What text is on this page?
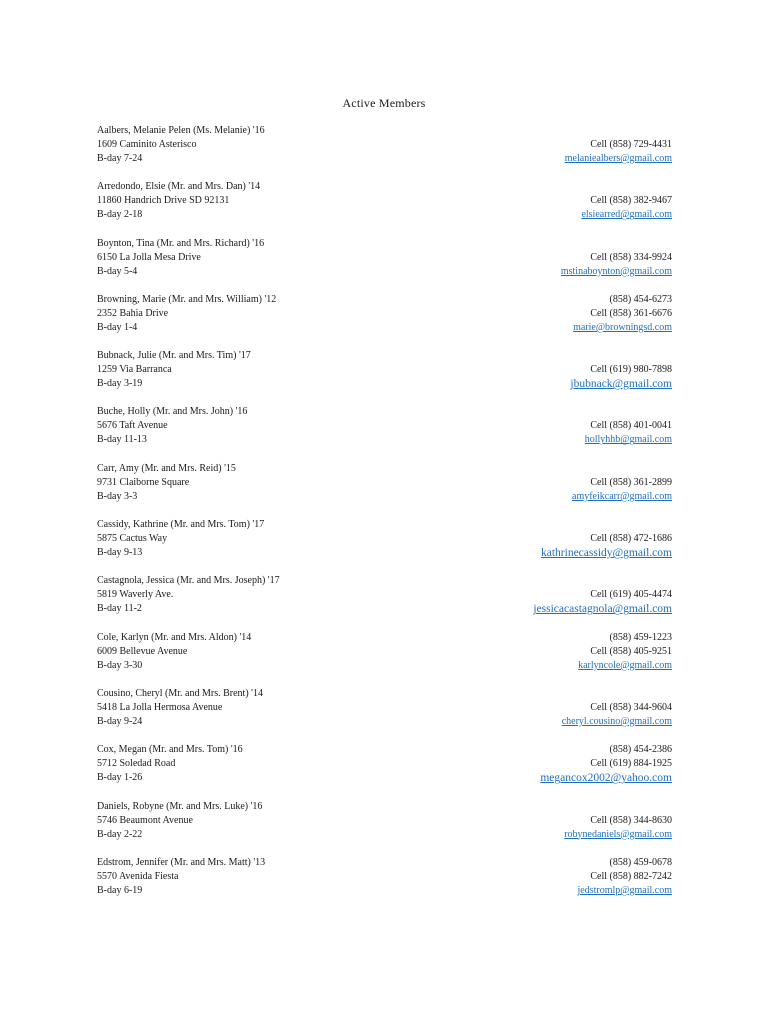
Active Members
Aalbers, Melanie Pelen (Ms. Melanie) '16
1609 Caminito Asterisco
B-day 7-24
Cell (858) 729-4431
melaniealbers@gmail.com
Arredondo, Elsie (Mr. and Mrs. Dan) '14
11860 Handrich Drive SD 92131
B-day 2-18
Cell (858) 382-9467
elsiearred@gmail.com
Boynton, Tina (Mr. and Mrs. Richard) '16
6150 La Jolla Mesa Drive
B-day 5-4
Cell (858) 334-9924
mstinaboynton@gmail.com
Browning, Marie (Mr. and Mrs. William) '12
2352 Bahia Drive
B-day 1-4
(858) 454-6273
Cell (858) 361-6676
marie@browningsd.com
Bubnack, Julie (Mr. and Mrs. Tim) '17
1259 Via Barranca
B-day 3-19
Cell (619) 980-7898
jbubnack@gmail.com
Buche, Holly (Mr. and Mrs. John) '16
5676 Taft Avenue
B-day 11-13
Cell (858) 401-0041
hollyhhb@gmail.com
Carr, Amy (Mr. and Mrs. Reid) '15
9731 Claiborne Square
B-day 3-3
Cell (858) 361-2899
amyfeikcarr@gmail.com
Cassidy, Kathrine (Mr. and Mrs. Tom) '17
5875 Cactus Way
B-day 9-13
Cell (858) 472-1686
kathrinecassidy@gmail.com
Castagnola, Jessica (Mr. and Mrs. Joseph) '17
5819 Waverly Ave.
B-day 11-2
Cell (619) 405-4474
jessicacastagnola@gmail.com
Cole, Karlyn (Mr. and Mrs. Aldon) '14
6009 Bellevue Avenue
B-day 3-30
(858) 459-1223
Cell (858) 405-9251
karlyncole@gmail.com
Cousino, Cheryl (Mr. and Mrs. Brent) '14
5418 La Jolla Hermosa Avenue
B-day 9-24
Cell (858) 344-9604
cheryl.cousino@gmail.com
Cox, Megan (Mr. and Mrs. Tom) '16
5712 Soledad Road
B-day 1-26
(858) 454-2386
Cell (619) 884-1925
megancox2002@yahoo.com
Daniels, Robyne (Mr. and Mrs. Luke) '16
5746 Beaumont Avenue
B-day 2-22
Cell (858) 344-8630
robynedaniels@gmail.com
Edstrom, Jennifer (Mr. and Mrs. Matt) '13
5570 Avenida Fiesta
B-day 6-19
(858) 459-0678
Cell (858) 882-7242
jedstromlp@gmail.com
